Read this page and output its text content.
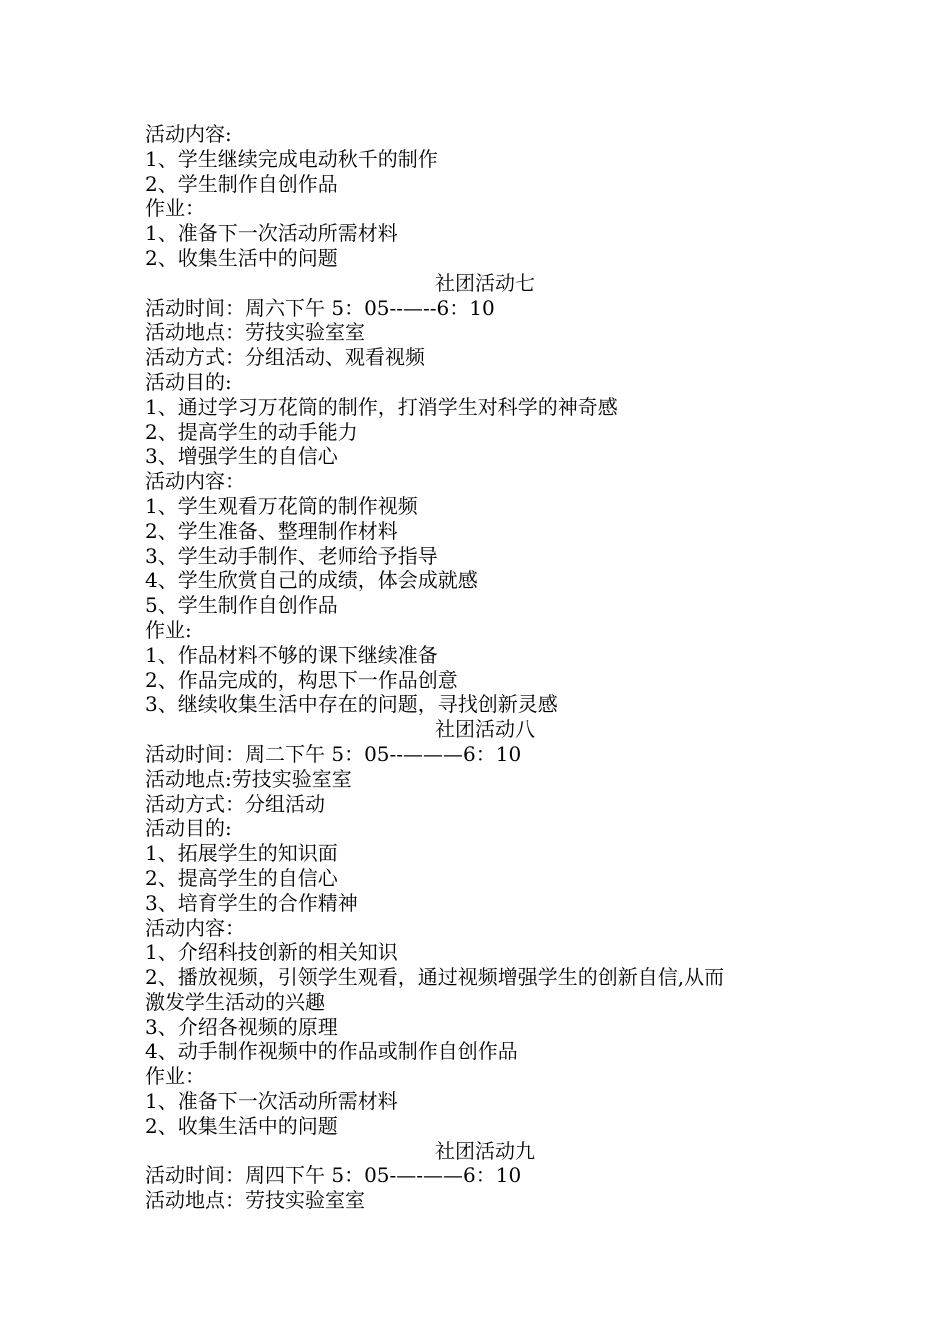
活动内容:
1、学生继续完成电动秋千的制作
2、学生制作自创作品
作业：
1、准备下一次活动所需材料
2、收集生活中的问题
社团活动七
活动时间：周六下午 5：05--—--6：10
活动地点：劳技实验室室
活动方式：分组活动、观看视频
活动目的:
1、通过学习万花筒的制作，打消学生对科学的神奇感
2、提高学生的动手能力
3、增强学生的自信心
活动内容：
1、学生观看万花筒的制作视频
2、学生准备、整理制作材料
3、学生动手制作、老师给予指导
4、学生欣赏自己的成绩，体会成就感
5、学生制作自创作品
作业:
1、作品材料不够的课下继续准备
2、作品完成的，构思下一作品创意
3、继续收集生活中存在的问题，寻找创新灵感
社团活动八
活动时间：周二下午 5：05--———6：10
活动地点:劳技实验室室
活动方式：分组活动
活动目的:
1、拓展学生的知识面
2、提高学生的自信心
3、培育学生的合作精神
活动内容：
1、介绍科技创新的相关知识
2、播放视频，引领学生观看，通过视频增强学生的创新自信,从而
激发学生活动的兴趣
3、介绍各视频的原理
4、动手制作视频中的作品或制作自创作品
作业：
1、准备下一次活动所需材料
2、收集生活中的问题
社团活动九
活动时间：周四下午 5：05-—-——6：10
活动地点：劳技实验室室
